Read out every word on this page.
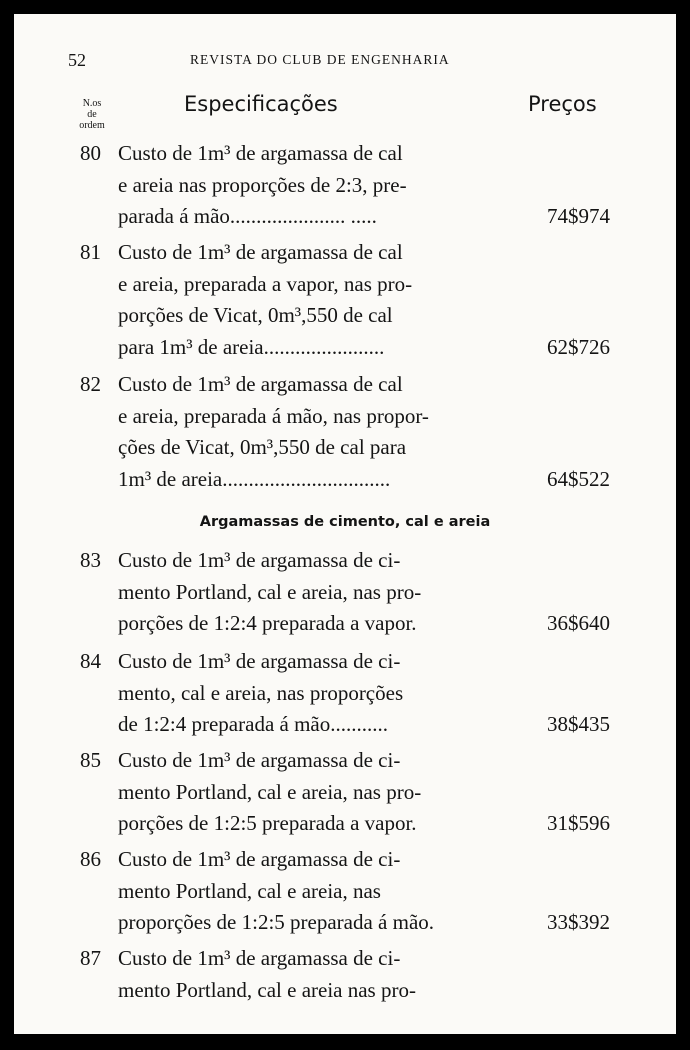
52	REVISTA DO CLUB DE ENGENHARIA
N.os
de
ordem
Especificações	Preços
80 Custo de 1m³ de argamassa de cal
e areia nas proporções de 2:3, pre-
parada á mão...................... .....	74$974
81 Custo de 1m³ de argamassa de cal
e areia, preparada a vapor, nas pro-
porções de Vicat, 0m³,550 de cal
para 1m³ de areia.......................	62$726
82 Custo de 1m³ de argamassa de cal
e areia, preparada á mão, nas propor-
ções de Vicat, 0m³,550 de cal para
1m³ de areia................................	64$522
Argamassas de cimento, cal e areia
83 Custo de 1m³ de argamassa de ci-
mento Portland, cal e areia, nas pro-
porções de 1:2:4 preparada a vapor.	36$640
84 Custo de 1m³ de argamassa de ci-
mento, cal e areia, nas proporções
de 1:2:4 preparada á mão...........	38$435
85 Custo de 1m³ de argamassa de ci-
mento Portland, cal e areia, nas pro-
porções de 1:2:5 preparada a vapor.	31$596
86 Custo de 1m³ de argamassa de ci-
mento Portland, cal e areia, nas
proporções de 1:2:5 preparada á mão.	33$392
87 Custo de 1m³ de argamassa de ci-
mento Portland, cal e areia nas pro-
